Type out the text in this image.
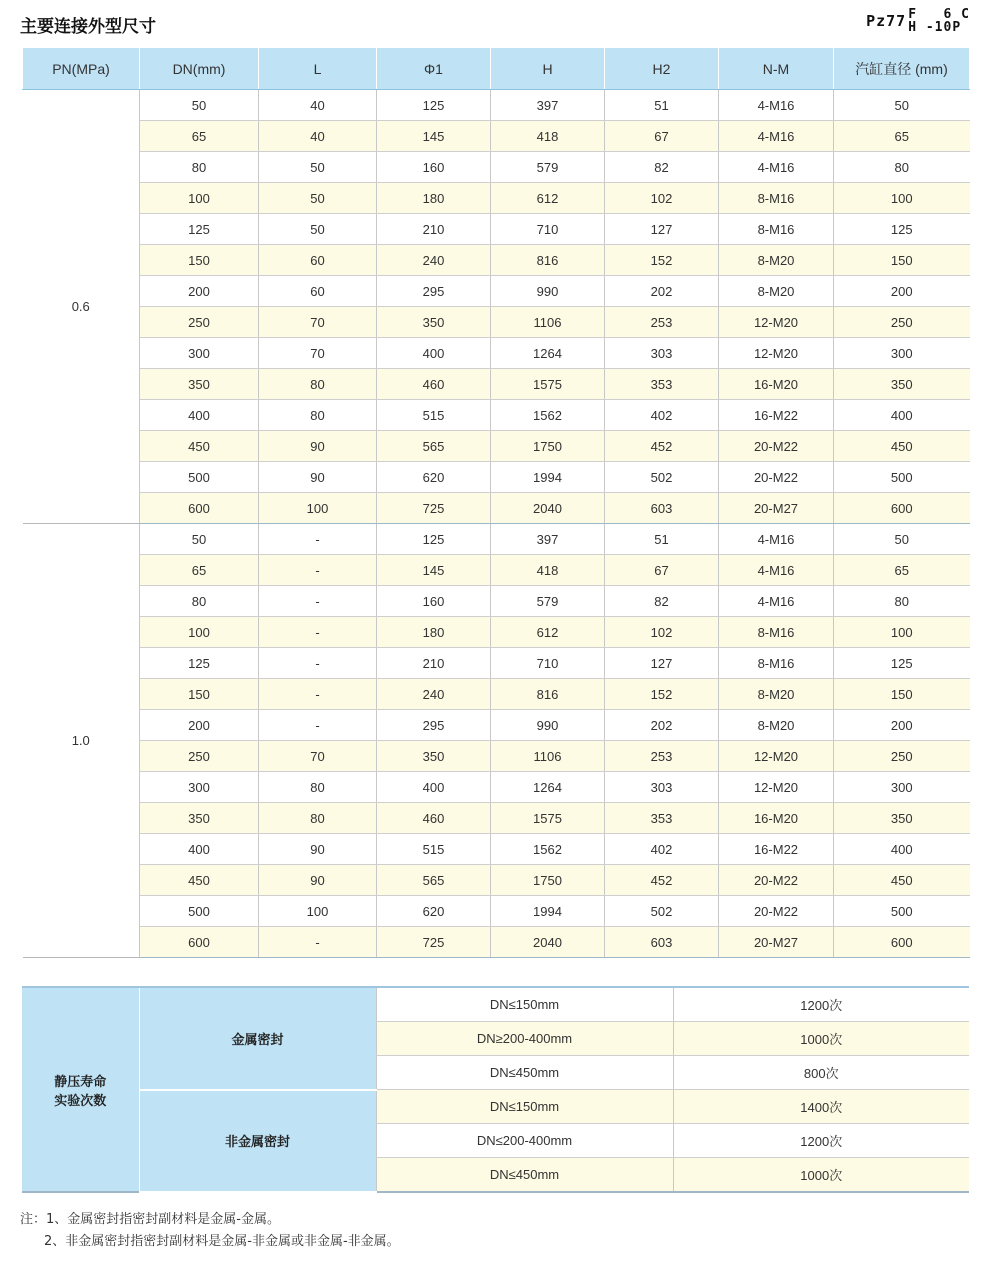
主要连接外型尺寸	Pz77 F   6 C
H -10P
PN(MPa)	DN(mm)	L	Φ1	H	H2	N-M	汽缸直径 (mm)
0.6	50	40	125	397	51	4-M16	50
	65	40	145	418	67	4-M16	65
	80	50	160	579	82	4-M16	80
	100	50	180	612	102	8-M16	100
	125	50	210	710	127	8-M16	125
	150	60	240	816	152	8-M20	150
	200	60	295	990	202	8-M20	200
	250	70	350	1106	253	12-M20	250
	300	70	400	1264	303	12-M20	300
	350	80	460	1575	353	16-M20	350
	400	80	515	1562	402	16-M22	400
	450	90	565	1750	452	20-M22	450
	500	90	620	1994	502	20-M22	500
	600	100	725	2040	603	20-M27	600
1.0	50	-	125	397	51	4-M16	50
	65	-	145	418	67	4-M16	65
	80	-	160	579	82	4-M16	80
	100	-	180	612	102	8-M16	100
	125	-	210	710	127	8-M16	125
	150	-	240	816	152	8-M20	150
	200	-	295	990	202	8-M20	200
	250	70	350	1106	253	12-M20	250
	300	80	400	1264	303	12-M20	300
	350	80	460	1575	353	16-M20	350
	400	90	515	1562	402	16-M22	400
	450	90	565	1750	452	20-M22	450
	500	100	620	1994	502	20-M22	500
	600	-	725	2040	603	20-M27	600
静压寿命
实验次数	金属密封	DN≤150mm	1200次
		DN≥200-400mm	1000次
		DN≤450mm	800次
	非金属密封	DN≤150mm	1400次
		DN≤200-400mm	1200次
		DN≤450mm	1000次
注：1、金属密封指密封副材料是金属-金属。
2、非金属密封指密封副材料是金属-非金属或非金属-非金属。
